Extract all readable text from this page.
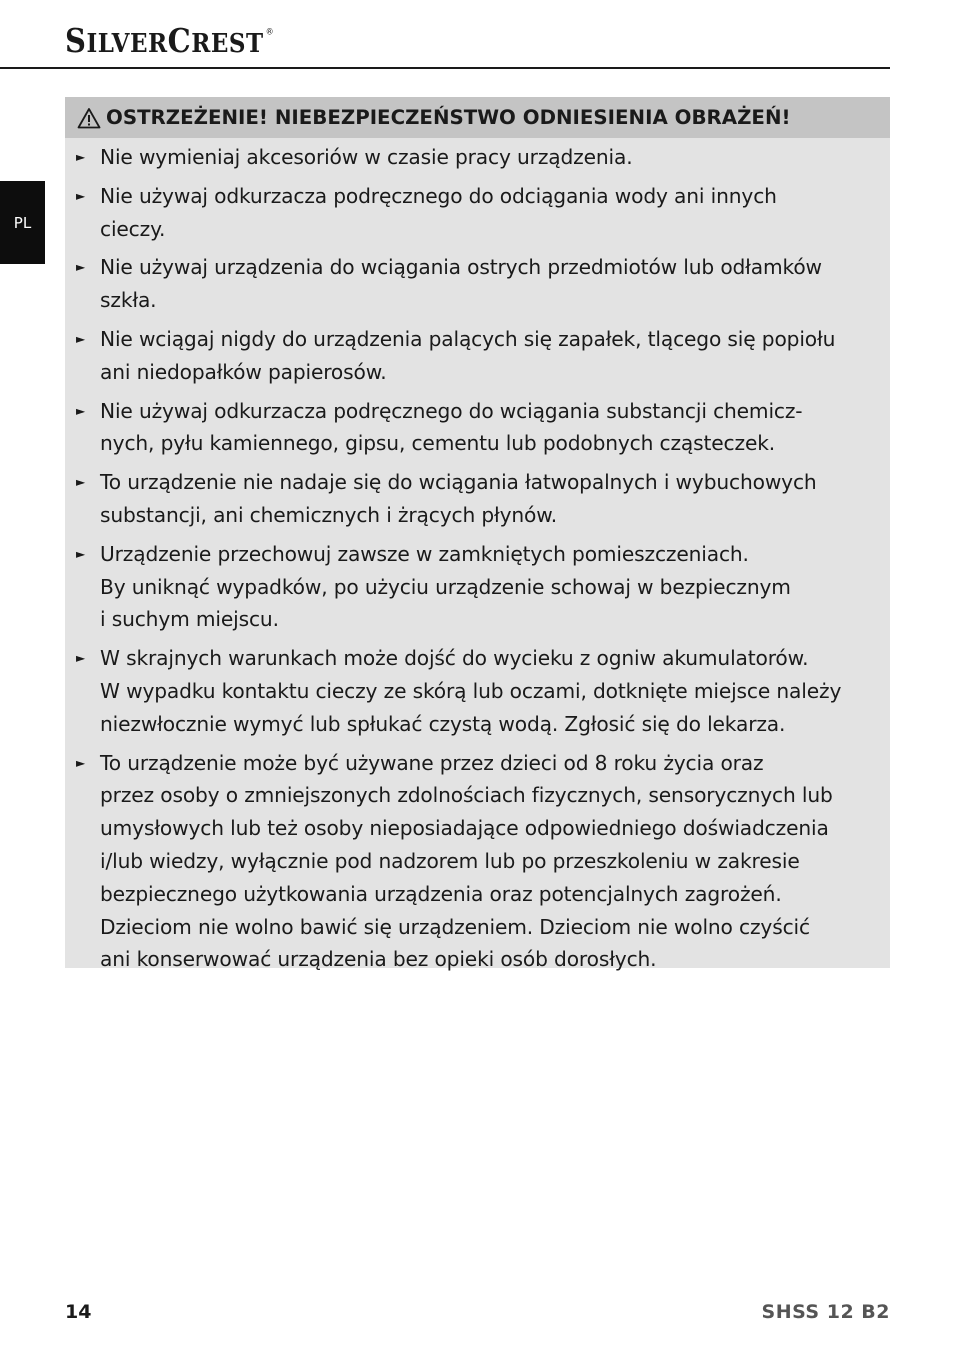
SILVERCREST ®
PL
OSTRZEŻENIE! NIEBEZPIECZEŃSTWO ODNIESIENIA OBRAŻEŃ!
► Nie wymieniaj akcesoriów w czasie pracy urządzenia.
► Nie używaj odkurzacza podręcznego do odciągania wody ani innych
cieczy.
► Nie używaj urządzenia do wciągania ostrych przedmiotów lub odłamków
szkła.
► Nie wciągaj nigdy do urządzenia palących się zapałek, tlącego się popiołu
ani niedopałków papierosów.
► Nie używaj odkurzacza podręcznego do wciągania substancji chemicz-
nych, pyłu kamiennego, gipsu, cementu lub podobnych cząsteczek.
► To urządzenie nie nadaje się do wciągania łatwopalnych i wybuchowych
substancji, ani chemicznych i żrących płynów.
► Urządzenie przechowuj zawsze w zamkniętych pomieszczeniach.
By uniknąć wypadków, po użyciu urządzenie schowaj w bezpiecznym
i suchym miejscu.
► W skrajnych warunkach może dojść do wycieku z ogniw akumulatorów.
W wypadku kontaktu cieczy ze skórą lub oczami, dotknięte miejsce należy
niezwłocznie wymyć lub spłukać czystą wodą. Zgłosić się do lekarza.
► To urządzenie może być używane przez dzieci od 8 roku życia oraz
przez osoby o zmniejszonych zdolnościach fizycznych, sensorycznych lub
umysłowych lub też osoby nieposiadające odpowiedniego doświadczenia
i/lub wiedzy, wyłącznie pod nadzorem lub po przeszkoleniu w zakresie
bezpiecznego użytkowania urządzenia oraz potencjalnych zagrożeń.
Dzieciom nie wolno bawić się urządzeniem. Dzieciom nie wolno czyścić
ani konserwować urządzenia bez opieki osób dorosłych.
14	SHSS 12 B2
